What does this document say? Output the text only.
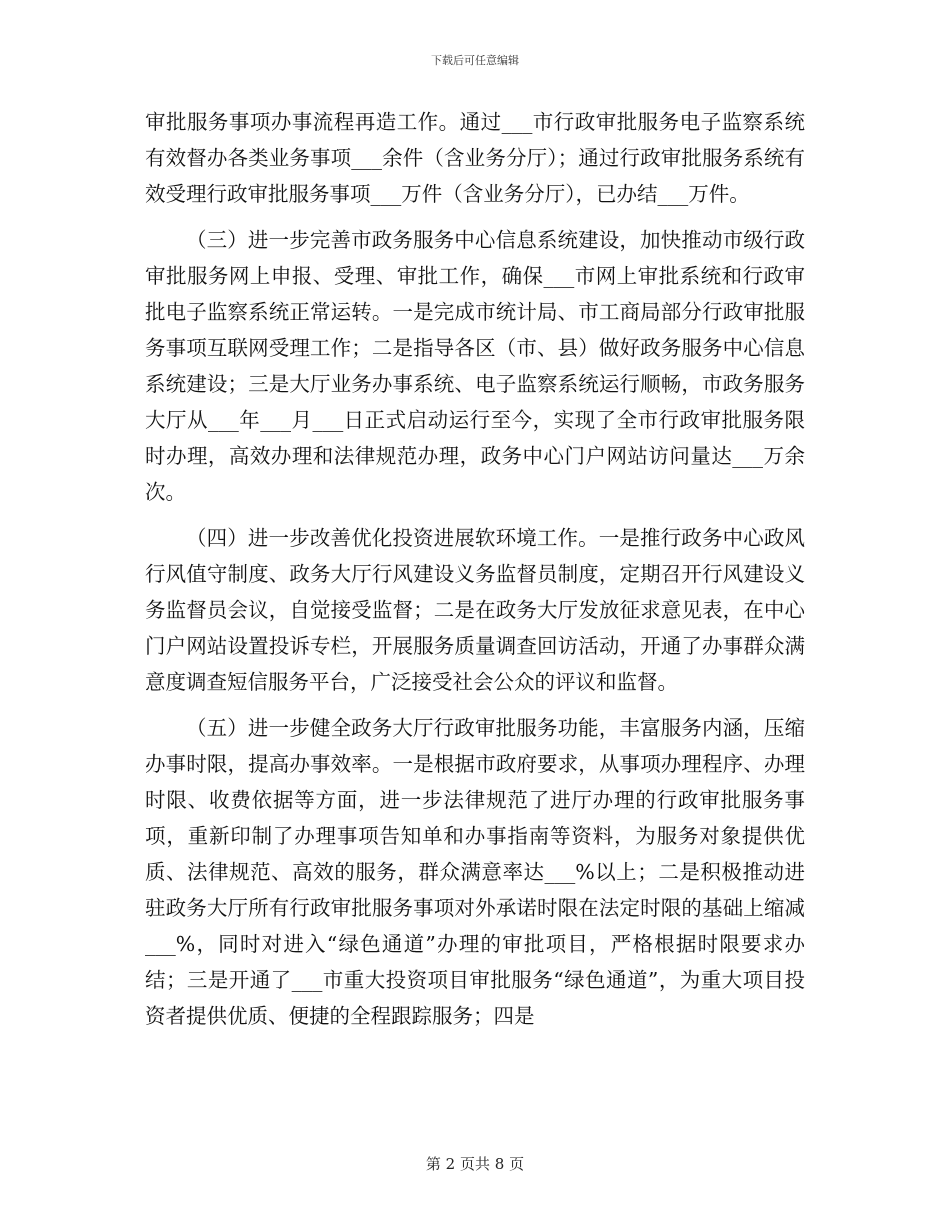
下载后可任意编辑

审批服务事项办事流程再造工作。通过___市行政审批服务电子监察系统有效督办各类业务事项___余件（含业务分厅）；通过行政审批服务系统有效受理行政审批服务事项___万件（含业务分厅），已办结___万件。

（三）进一步完善市政务服务中心信息系统建设，加快推动市级行政审批服务网上申报、受理、审批工作，确保___市网上审批系统和行政审批电子监察系统正常运转。一是完成市统计局、市工商局部分行政审批服务事项互联网受理工作；二是指导各区（市、县）做好政务服务中心信息系统建设；三是大厅业务办事系统、电子监察系统运行顺畅，市政务服务大厅从___年___月___日正式启动运行至今，实现了全市行政审批服务限时办理，高效办理和法律规范办理，政务中心门户网站访问量达___万余次。

（四）进一步改善优化投资进展软环境工作。一是推行政务中心政风行风值守制度、政务大厅行风建设义务监督员制度，定期召开行风建设义务监督员会议，自觉接受监督；二是在政务大厅发放征求意见表，在中心门户网站设置投诉专栏，开展服务质量调查回访活动，开通了办事群众满意度调查短信服务平台，广泛接受社会公众的评议和监督。

（五）进一步健全政务大厅行政审批服务功能，丰富服务内涵，压缩办事时限，提高办事效率。一是根据市政府要求，从事项办理程序、办理时限、收费依据等方面，进一步法律规范了进厅办理的行政审批服务事项，重新印制了办理事项告知单和办事指南等资料，为服务对象提供优质、法律规范、高效的服务，群众满意率达___%以上；二是积极推动进驻政务大厅所有行政审批服务事项对外承诺时限在法定时限的基础上缩减___%，同时对进入“绿色通道”办理的审批项目，严格根据时限要求办结；三是开通了___市重大投资项目审批服务“绿色通道”，为重大项目投资者提供优质、便捷的全程跟踪服务；四是

第 2 页共 8 页
